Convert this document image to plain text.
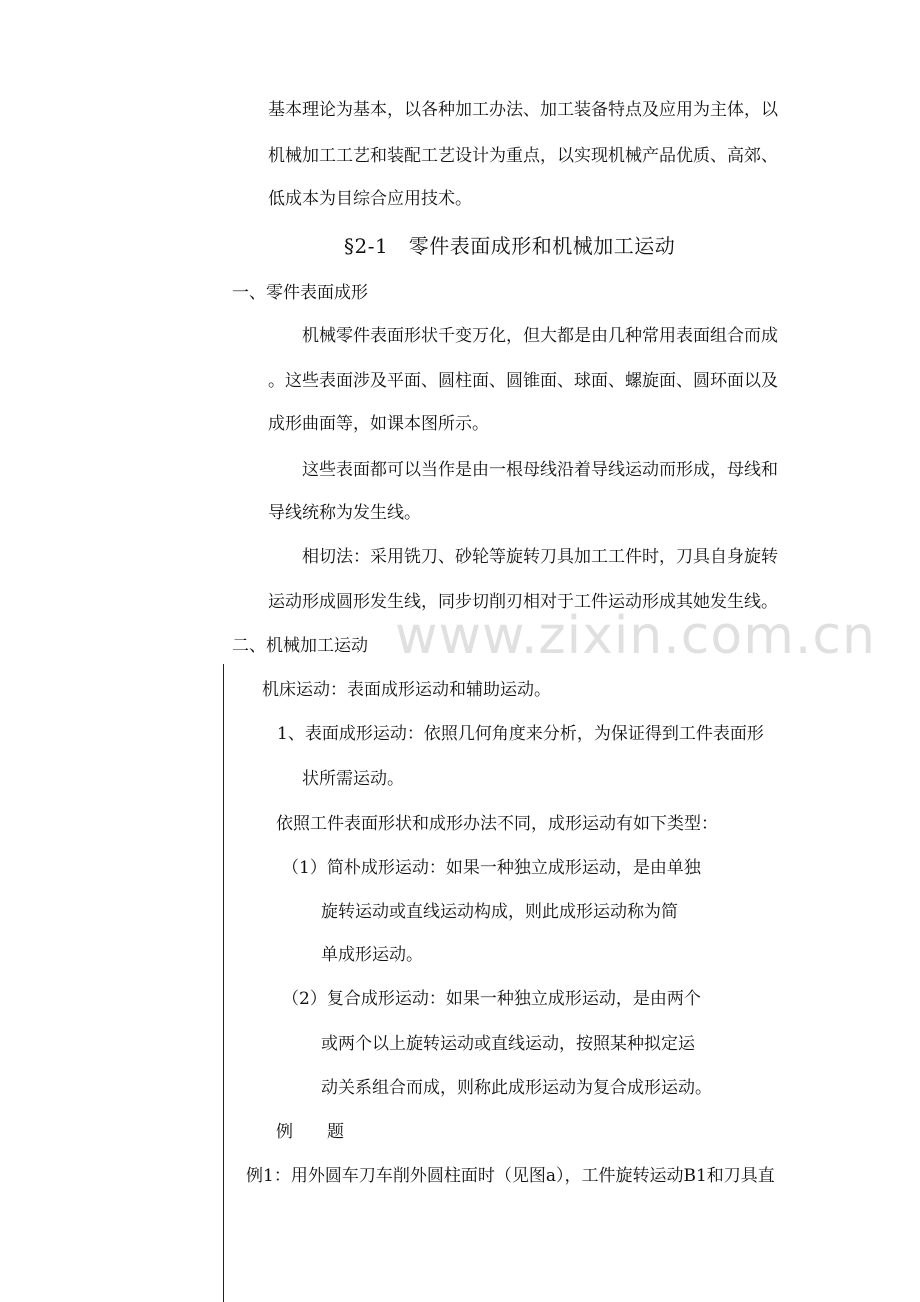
基本理论为基本，以各种加工办法、加工装备特点及应用为主体，以
机械加工工艺和装配工艺设计为重点，以实现机械产品优质、高郊、
低成本为目综合应用技术。
§2-1　零件表面成形和机械加工运动
一、零件表面成形
机械零件表面形状千变万化，但大都是由几种常用表面组合而成
。这些表面涉及平面、圆柱面、圆锥面、球面、螺旋面、圆环面以及
成形曲面等，如课本图所示。
这些表面都可以当作是由一根母线沿着导线运动而形成，母线和
导线统称为发生线。
相切法：采用铣刀、砂轮等旋转刀具加工工件时，刀具自身旋转
运动形成圆形发生线，同步切削刃相对于工件运动形成其她发生线。
www.zixin.com.cn
二、机械加工运动
机床运动：表面成形运动和辅助运动。
1、表面成形运动：依照几何角度来分析，为保证得到工件表面形
状所需运动。
依照工件表面形状和成形办法不同，成形运动有如下类型：
（1）简朴成形运动：如果一种独立成形运动，是由单独
旋转运动或直线运动构成，则此成形运动称为简
单成形运动。
（2）复合成形运动：如果一种独立成形运动，是由两个
或两个以上旋转运动或直线运动，按照某种拟定运
动关系组合而成，则称此成形运动为复合成形运动。
例　　题
例1：用外圆车刀车削外圆柱面时（见图a），工件旋转运动B1和刀具直
